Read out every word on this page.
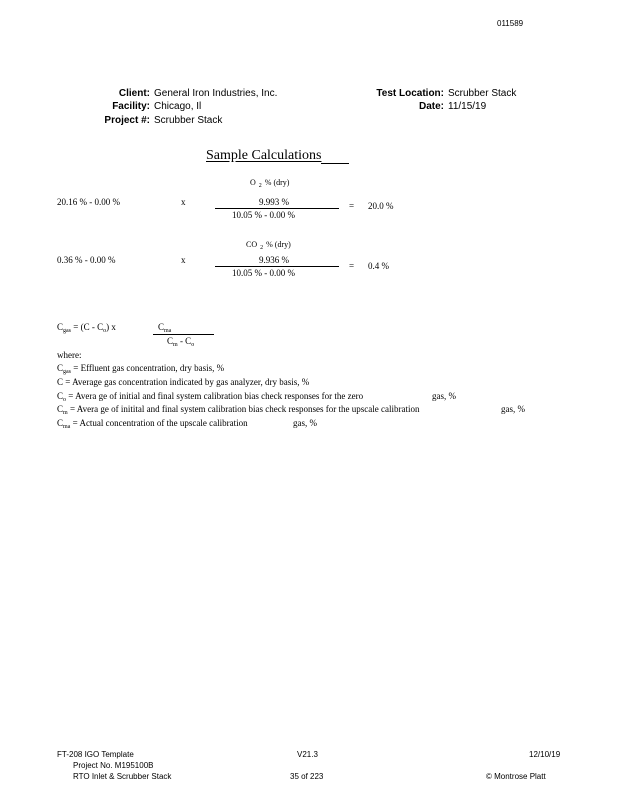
011589
Client: General Iron Industries, Inc.
Facility: Chicago, Il
Project #: Scrubber Stack
Test Location: Scrubber Stack
Date: 11/15/19
Sample Calculations
O $_2$ % (dry)
20.16 % - 0.00 %	x	9.993 %
10.05 % - 0.00 %
= 20.0 %
CO $_2$ % (dry)
0.36 % - 0.00 %	x	9.936 %
10.05 % - 0.00 %
= 0.4 %
$C_{gas} = (C - C_o)$ x	$C_{ma}$
$C_m - C_o$
where:
$C_{gas}$ = Effluent gas concentration, dry basis, %
C = Average gas concentration indicated by gas analyzer, dry basis, %
$C_o$ = Avera ge of initial and final system calibration bias check responses for the zero	gas, %
$C_m$ = Avera ge of initital and final system calibration bias check responses for the upscale calibration	gas, %
$C_{ma}$ = Actual concentration of the upscale calibration	gas, %
FT-208 IGO Template
Project No. M195100B
RTO Inlet & Scrubber Stack
V21.3
35 of 223
12/10/19
© Montrose Platt
